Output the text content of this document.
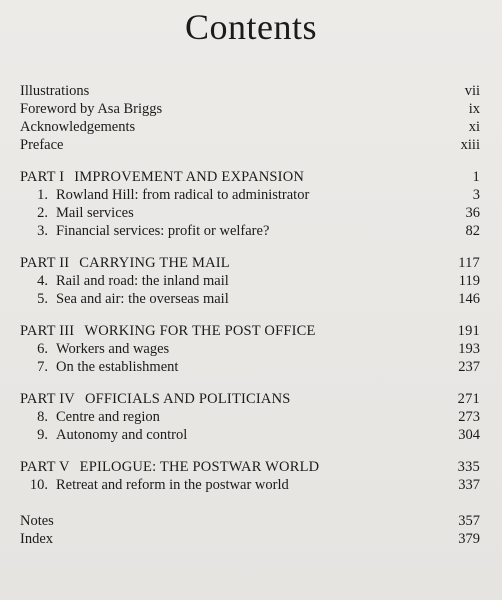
Contents
Illustrations	vii
Foreword by Asa Briggs	ix
Acknowledgements	xi
Preface	xiii
PART I IMPROVEMENT AND EXPANSION	1
1. Rowland Hill: from radical to administrator	3
2. Mail services	36
3. Financial services: profit or welfare?	82
PART II CARRYING THE MAIL	117
4. Rail and road: the inland mail	119
5. Sea and air: the overseas mail	146
PART III WORKING FOR THE POST OFFICE	191
6. Workers and wages	193
7. On the establishment	237
PART IV OFFICIALS AND POLITICIANS	271
8. Centre and region	273
9. Autonomy and control	304
PART V EPILOGUE: THE POSTWAR WORLD	335
10. Retreat and reform in the postwar world	337
Notes	357
Index	379
